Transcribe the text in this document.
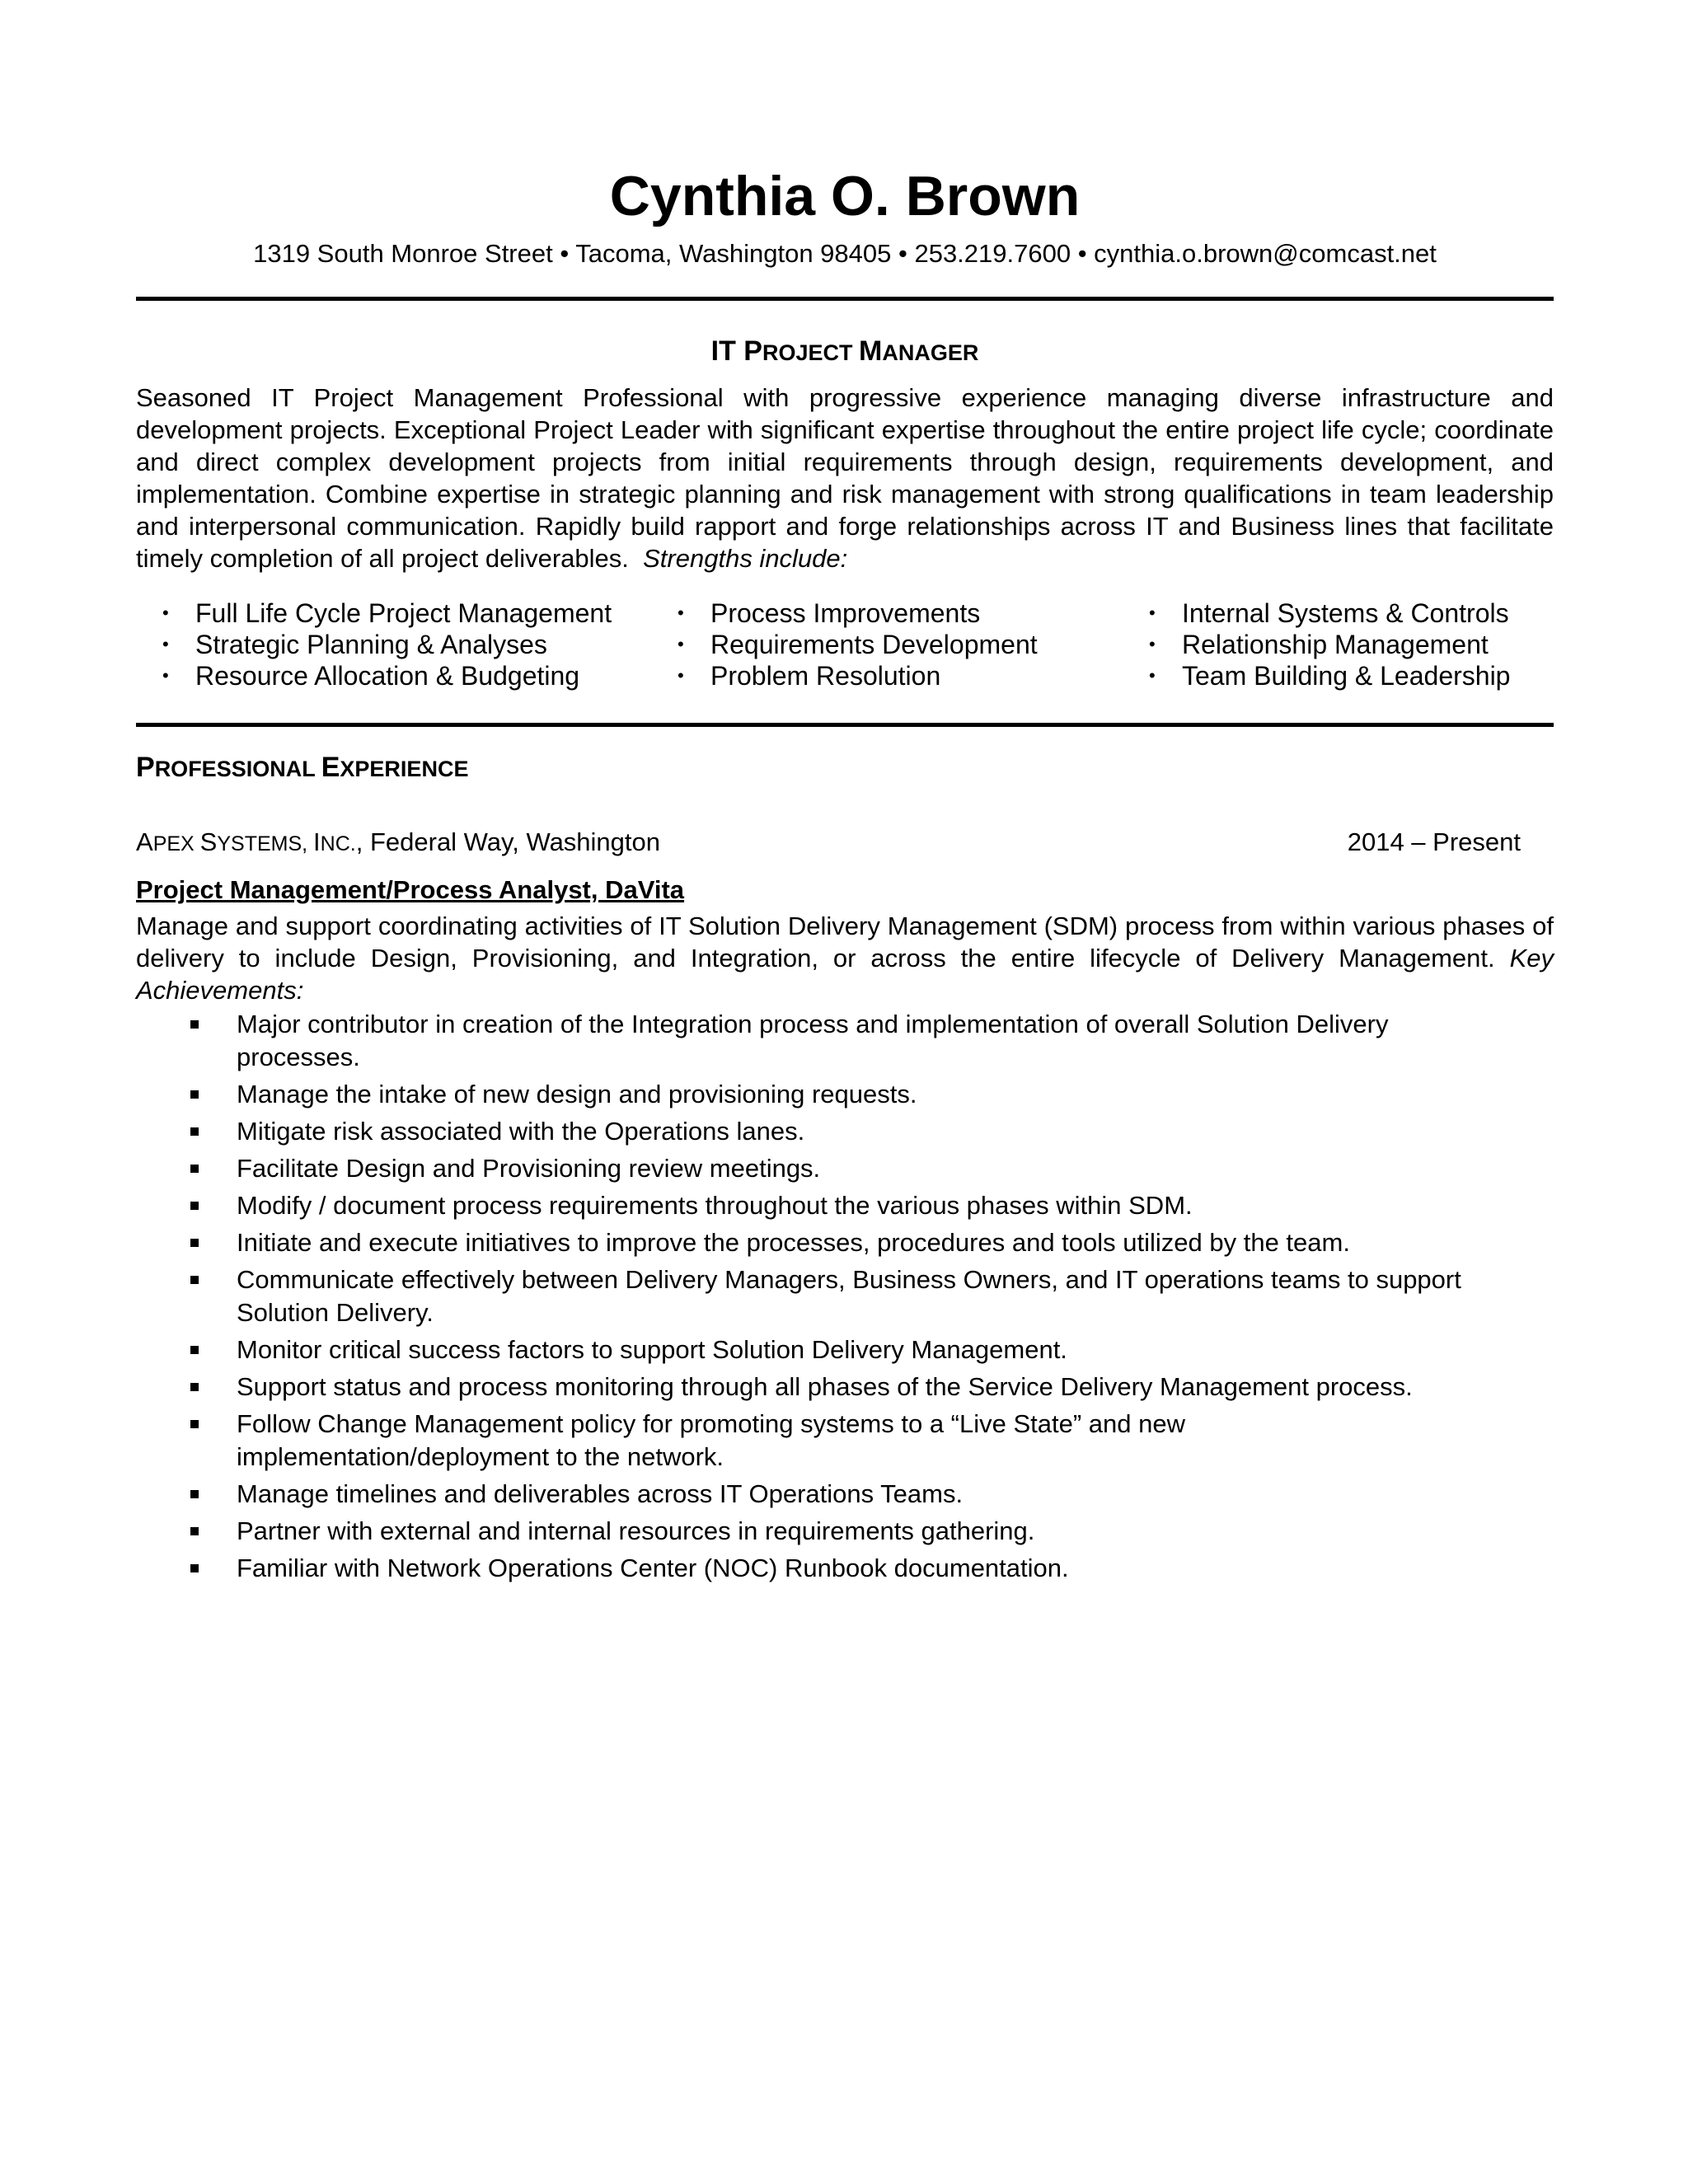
Cynthia O. Brown
1319 South Monroe Street • Tacoma, Washington 98405 • 253.219.7600 • cynthia.o.brown@comcast.net
IT PROJECT MANAGER
Seasoned IT Project Management Professional with progressive experience managing diverse infrastructure and development projects. Exceptional Project Leader with significant expertise throughout the entire project life cycle; coordinate and direct complex development projects from initial requirements through design, requirements development, and implementation. Combine expertise in strategic planning and risk management with strong qualifications in team leadership and interpersonal communication. Rapidly build rapport and forge relationships across IT and Business lines that facilitate timely completion of all project deliverables. Strengths include:
• Full Life Cycle Project Management
• Strategic Planning & Analyses
• Resource Allocation & Budgeting
• Process Improvements
• Requirements Development
• Problem Resolution
• Internal Systems & Controls
• Relationship Management
• Team Building & Leadership
PROFESSIONAL EXPERIENCE
APEX SYSTEMS, INC., Federal Way, Washington	2014 – Present
Project Management/Process Analyst, DaVita
Manage and support coordinating activities of IT Solution Delivery Management (SDM) process from within various phases of delivery to include Design, Provisioning, and Integration, or across the entire lifecycle of Delivery Management. Key Achievements:
Major contributor in creation of the Integration process and implementation of overall Solution Delivery processes.
Manage the intake of new design and provisioning requests.
Mitigate risk associated with the Operations lanes.
Facilitate Design and Provisioning review meetings.
Modify / document process requirements throughout the various phases within SDM.
Initiate and execute initiatives to improve the processes, procedures and tools utilized by the team.
Communicate effectively between Delivery Managers, Business Owners, and IT operations teams to support Solution Delivery.
Monitor critical success factors to support Solution Delivery Management.
Support status and process monitoring through all phases of the Service Delivery Management process.
Follow Change Management policy for promoting systems to a “Live State” and new implementation/deployment to the network.
Manage timelines and deliverables across IT Operations Teams.
Partner with external and internal resources in requirements gathering.
Familiar with Network Operations Center (NOC) Runbook documentation.
